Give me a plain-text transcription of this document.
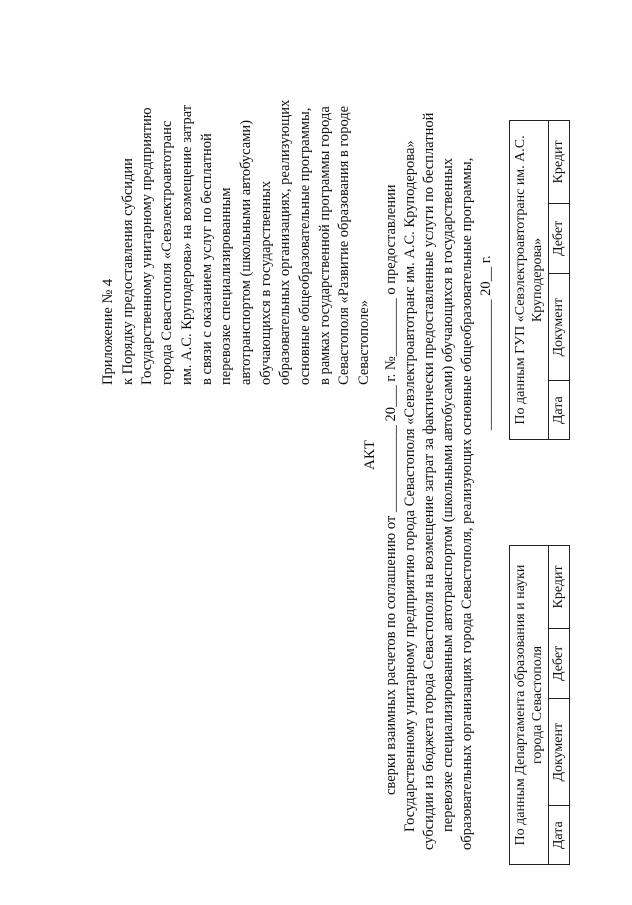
Приложение № 4 к Порядку предоставления субсидии Государственному унитарному предприятию города Севастополя «Севэлектроавтотранс им. А.С. Круподерова» на возмещение затрат в связи с оказанием услуг по бесплатной перевозке специализированным автотранспортом (школьными автобусами) обучающихся в государственных образовательных организациях, реализующих основные общеобразовательные программы, в рамках государственной программы города Севастополя «Развитие образования в городе Севастополе»
АКТ сверки взаимных расчетов по соглашению от ____________ 20___ г. №________ о предоставлении Государственному унитарному предприятию города Севастополя «Севэлектроавтотранс им. А.С. Круподерова» субсидии из бюджета города Севастополя на возмещение затрат за фактически предоставленные услуги по бесплатной перевозке специализированным автотранспортом (школьными автобусами) обучающихся в государственных образовательных организациях города Севастополя, реализующих основные общеобразовательные программы, __________________ 20__ г.
По данным Департамента образования и науки города Севастополя
Дата	Документ	Дебет	Кредит
По данным ГУП «Севэлектроавтотранс им. А.С. Круподерова»
Дата	Документ	Дебет	Кредит
